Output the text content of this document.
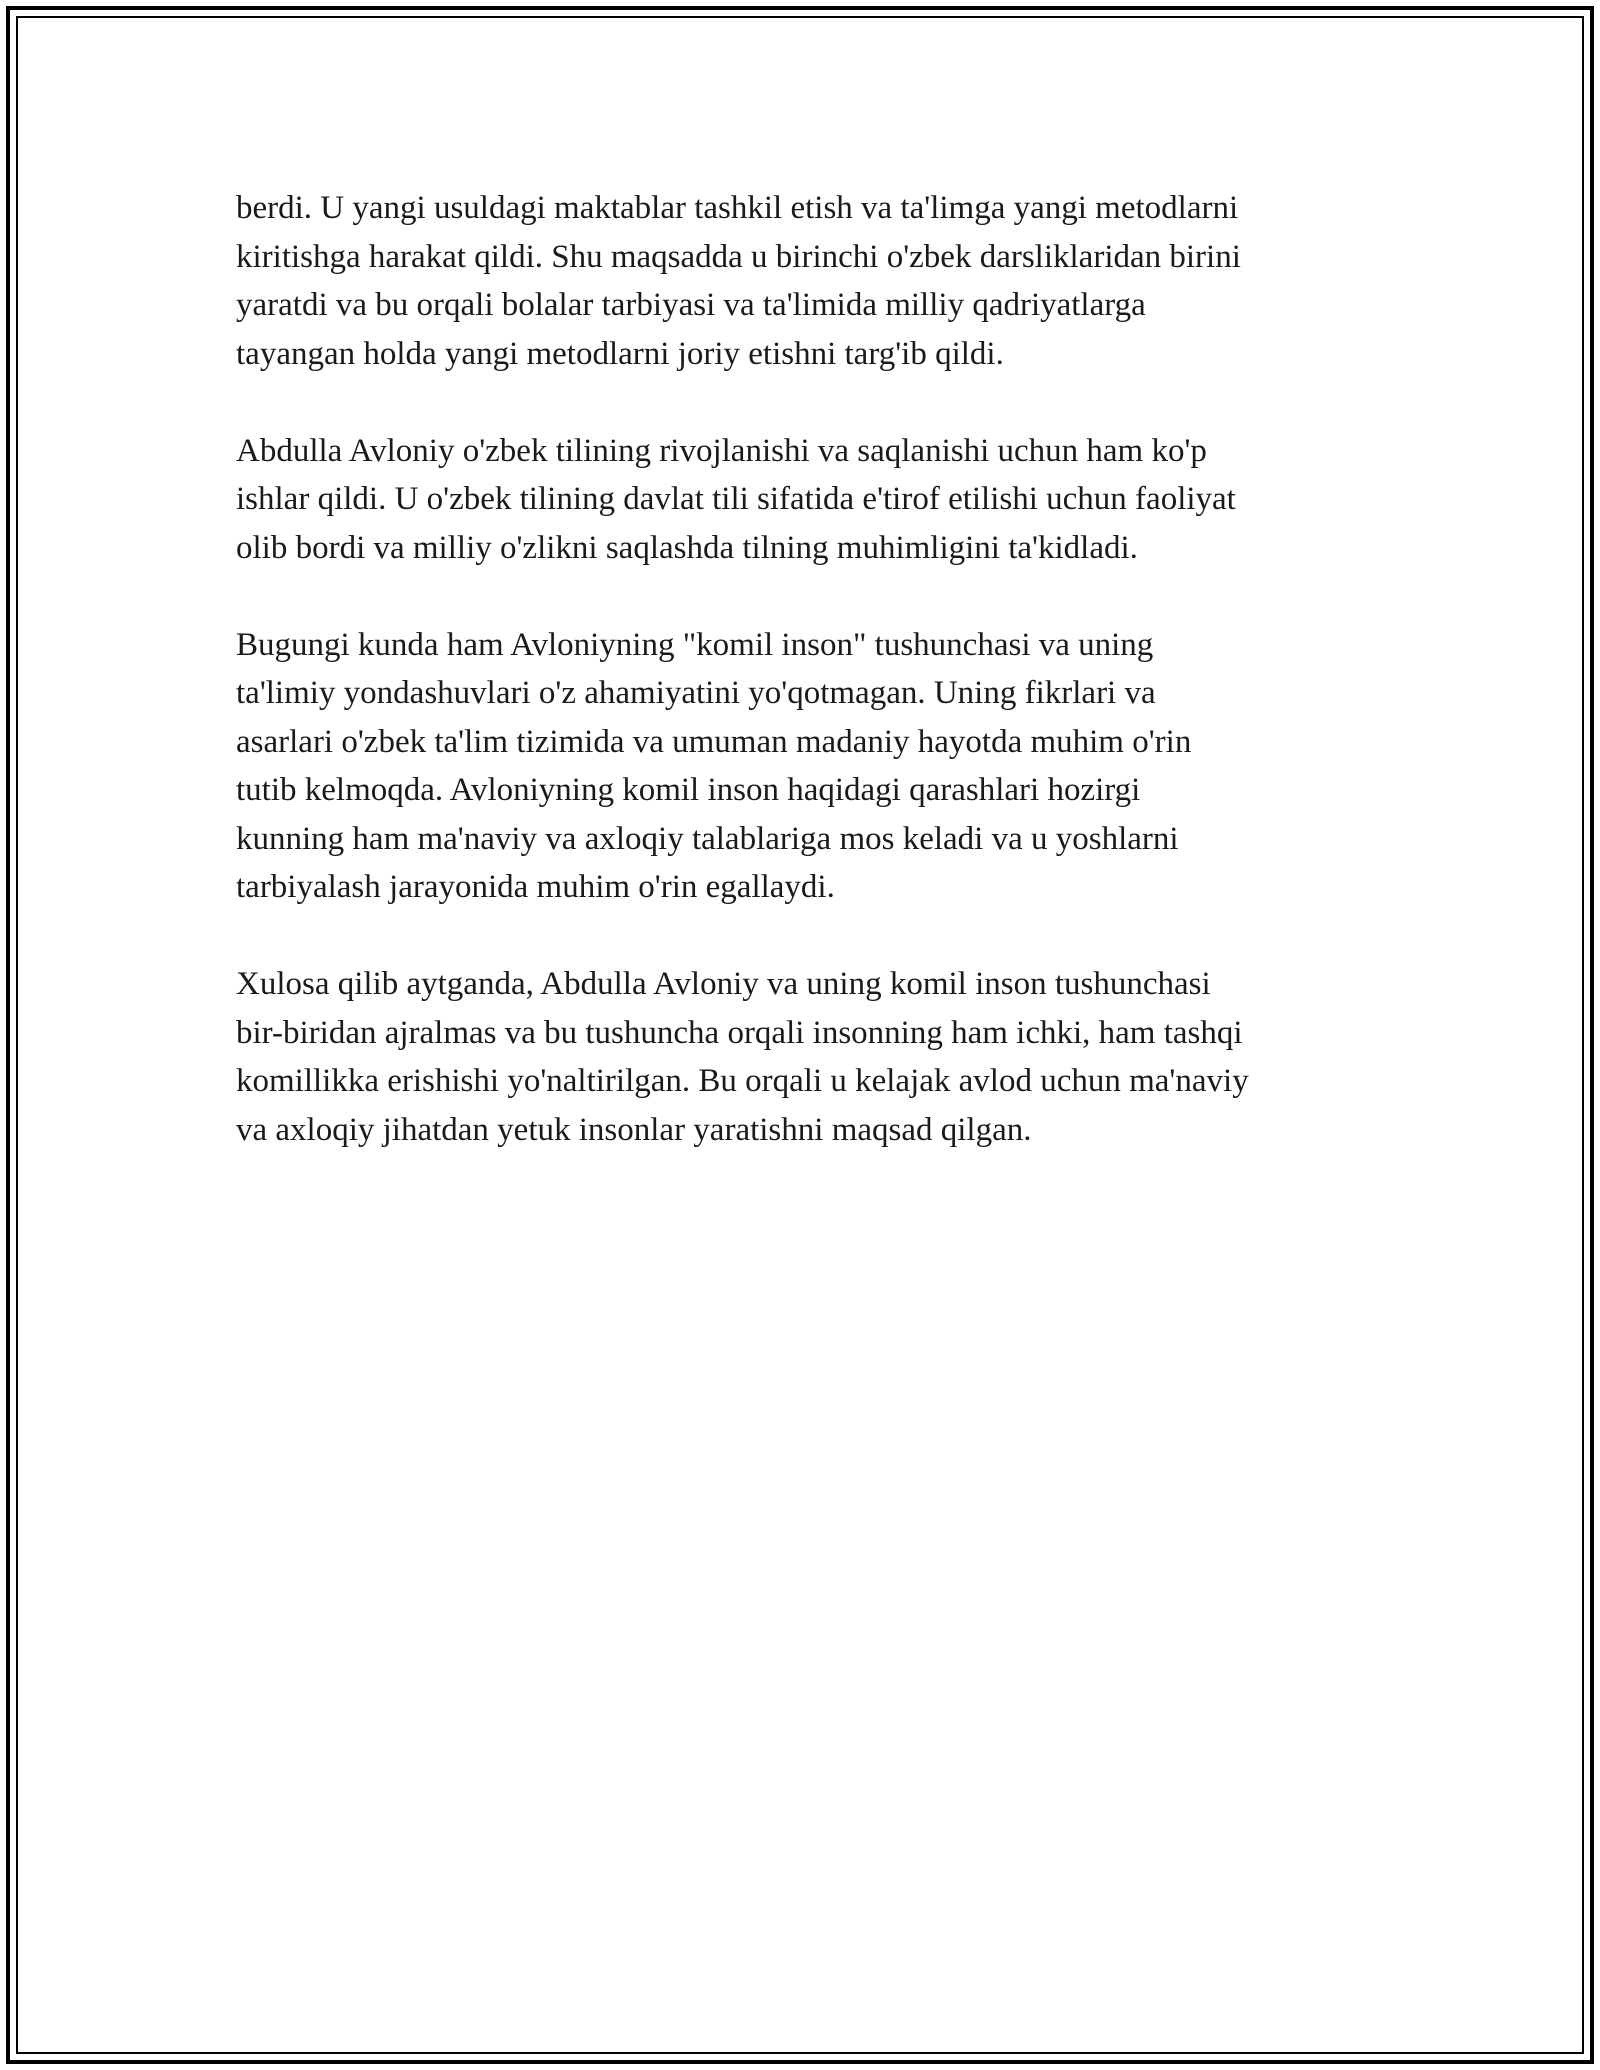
berdi. U yangi usuldagi maktablar tashkil etish va ta'limga yangi metodlarni
kiritishga harakat qildi. Shu maqsadda u birinchi o'zbek darsliklaridan birini
yaratdi va bu orqali bolalar tarbiyasi va ta'limida milliy qadriyatlarga
tayangan holda yangi metodlarni joriy etishni targ'ib qildi.

Abdulla Avloniy o'zbek tilining rivojlanishi va saqlanishi uchun ham ko'p
ishlar qildi. U o'zbek tilining davlat tili sifatida e'tirof etilishi uchun faoliyat
olib bordi va milliy o'zlikni saqlashda tilning muhimligini ta'kidladi.

Bugungi kunda ham Avloniyning "komil inson" tushunchasi va uning
ta'limiy yondashuvlari o'z ahamiyatini yo'qotmagan. Uning fikrlari va
asarlari o'zbek ta'lim tizimida va umuman madaniy hayotda muhim o'rin
tutib kelmoqda. Avloniyning komil inson haqidagi qarashlari hozirgi
kunning ham ma'naviy va axloqiy talablariga mos keladi va u yoshlarni
tarbiyalash jarayonida muhim o'rin egallaydi.

Xulosa qilib aytganda, Abdulla Avloniy va uning komil inson tushunchasi
bir-biridan ajralmas va bu tushuncha orqali insonning ham ichki, ham tashqi
komillikka erishishi yo'naltirilgan. Bu orqali u kelajak avlod uchun ma'naviy
va axloqiy jihatdan yetuk insonlar yaratishni maqsad qilgan.
